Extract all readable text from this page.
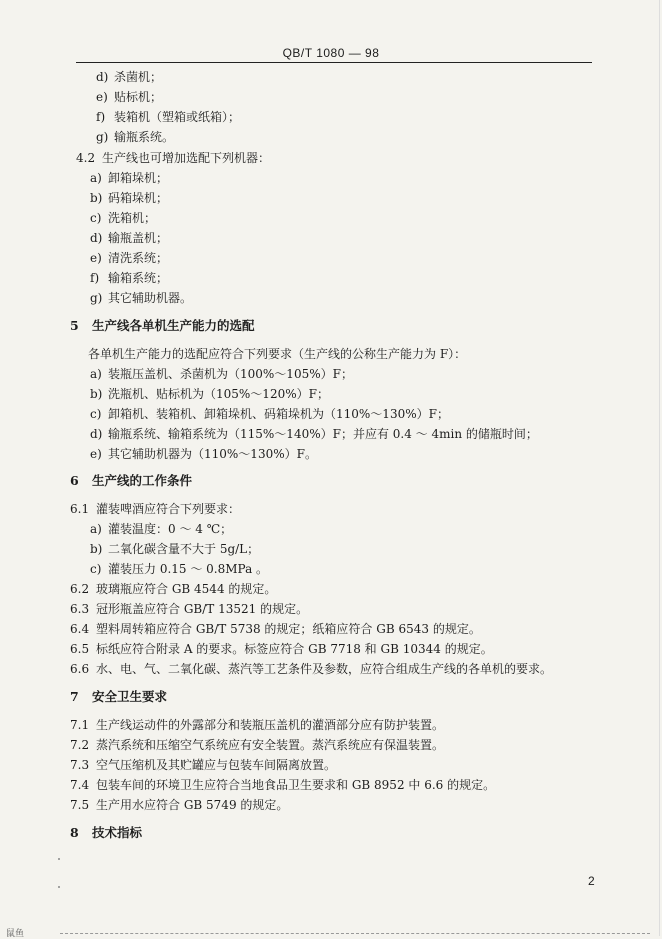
QB/T 1080 — 98
d) 杀菌机；
e) 贴标机；
f) 装箱机（塑箱或纸箱）；
g) 输瓶系统。
4.2 生产线也可增加选配下列机器：
a) 卸箱垛机；
b) 码箱垛机；
c) 洗箱机；
d) 输瓶盖机；
e) 清洗系统；
f) 输箱系统；
g) 其它辅助机器。
5 生产线各单机生产能力的选配
各单机生产能力的选配应符合下列要求（生产线的公称生产能力为 F）：
a) 装瓶压盖机、杀菌机为（100%～105%）F；
b) 洗瓶机、贴标机为（105%～120%）F；
c) 卸箱机、装箱机、卸箱垛机、码箱垛机为（110%～130%）F；
d) 输瓶系统、输箱系统为（115%～140%）F；并应有 0.4 ～ 4min 的储瓶时间；
e) 其它辅助机器为（110%～130%）F。
6 生产线的工作条件
6.1 灌装啤酒应符合下列要求：
a) 灌装温度：0 ～ 4 ℃；
b) 二氧化碳含量不大于 5g/L；
c) 灌装压力 0.15 ～ 0.8MPa 。
6.2 玻璃瓶应符合 GB 4544 的规定。
6.3 冠形瓶盖应符合 GB/T 13521 的规定。
6.4 塑料周转箱应符合 GB/T 5738 的规定；纸箱应符合 GB 6543 的规定。
6.5 标纸应符合附录 A 的要求。标签应符合 GB 7718 和 GB 10344 的规定。
6.6 水、电、气、二氧化碳、蒸汽等工艺条件及参数，应符合组成生产线的各单机的要求。
7 安全卫生要求
7.1 生产线运动件的外露部分和装瓶压盖机的灌酒部分应有防护装置。
7.2 蒸汽系统和压缩空气系统应有安全装置。蒸汽系统应有保温装置。
7.3 空气压缩机及其贮罐应与包装车间隔离放置。
7.4 包装车间的环境卫生应符合当地食品卫生要求和 GB 8952 中 6.6 的规定。
7.5 生产用水应符合 GB 5749 的规定。
8 技术指标
2
鼠鱼
